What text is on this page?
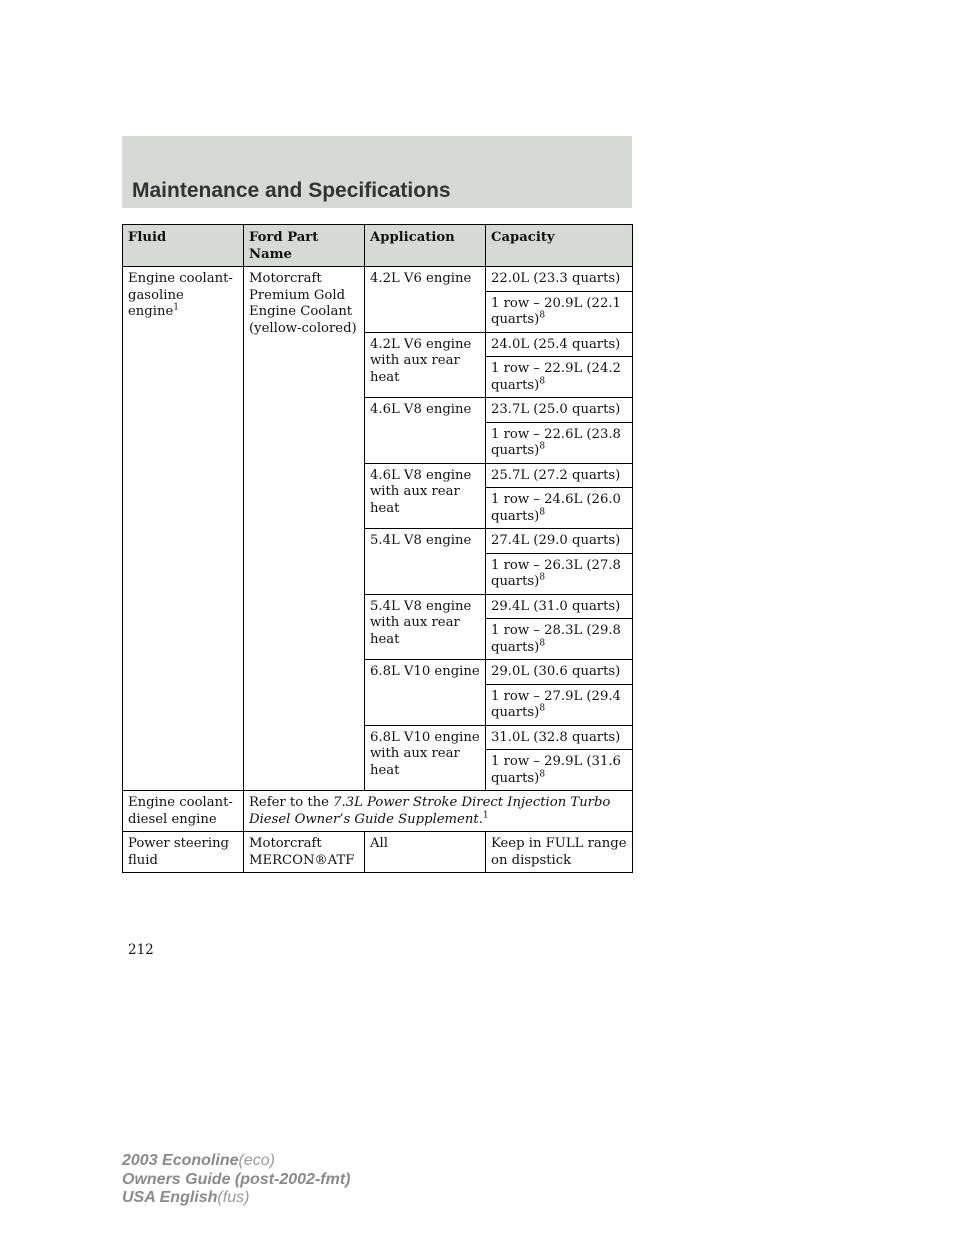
Maintenance and Specifications
Fluid	Ford Part Name	Application	Capacity
Engine coolant-gasoline engine$^1$	Motorcraft Premium Gold Engine Coolant (yellow-colored)	4.2L V6 engine	22.0L (23.3 quarts)
			1 row – 20.9L (22.1 quarts)$^8$
		4.2L V6 engine with aux rear heat	24.0L (25.4 quarts)
			1 row – 22.9L (24.2 quarts)$^8$
		4.6L V8 engine	23.7L (25.0 quarts)
			1 row – 22.6L (23.8 quarts)$^8$
		4.6L V8 engine with aux rear heat	25.7L (27.2 quarts)
			1 row – 24.6L (26.0 quarts)$^8$
		5.4L V8 engine	27.4L (29.0 quarts)
			1 row – 26.3L (27.8 quarts)$^8$
		5.4L V8 engine with aux rear heat	29.4L (31.0 quarts)
			1 row – 28.3L (29.8 quarts)$^8$
		6.8L V10 engine	29.0L (30.6 quarts)
			1 row – 27.9L (29.4 quarts)$^8$
		6.8L V10 engine with aux rear heat	31.0L (32.8 quarts)
			1 row – 29.9L (31.6 quarts)$^8$
Engine coolant-diesel engine	Refer to the 7.3L Power Stroke Direct Injection Turbo Diesel Owner’s Guide Supplement.$^1$
Power steering fluid	Motorcraft MERCON®ATF	All	Keep in FULL range on dispstick
212
2003 Econoline(eco)
Owners Guide (post-2002-fmt)
USA English(fus)
